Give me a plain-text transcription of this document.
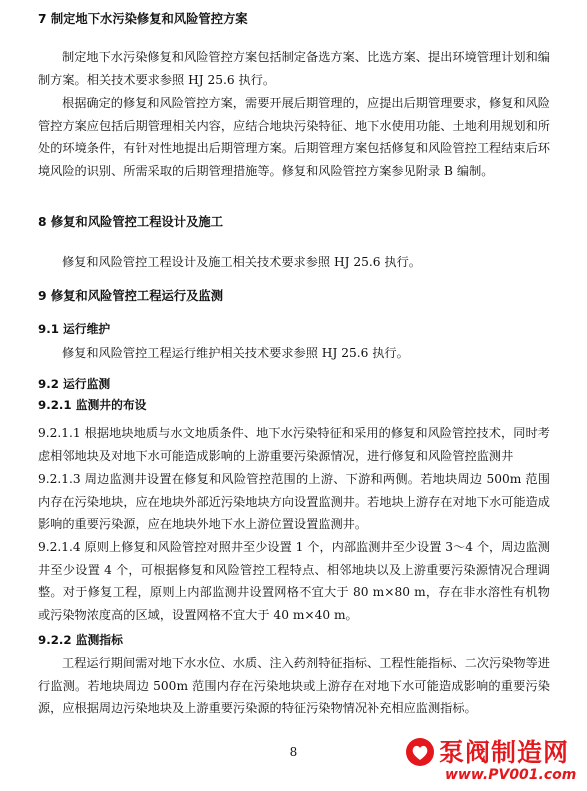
7 制定地下水污染修复和风险管控方案
制定地下水污染修复和风险管控方案包括制定备选方案、比选方案、提出环境管理计划和编制方案。相关技术要求参照 HJ 25.6 执行。
根据确定的修复和风险管控方案，需要开展后期管理的，应提出后期管理要求，修复和风险管控方案应包括后期管理相关内容，应结合地块污染特征、地下水使用功能、土地利用规划和所处的环境条件，有针对性地提出后期管理方案。后期管理方案包括修复和风险管控工程结束后环境风险的识别、所需采取的后期管理措施等。修复和风险管控方案参见附录 B 编制。
8 修复和风险管控工程设计及施工
修复和风险管控工程设计及施工相关技术要求参照 HJ 25.6 执行。
9 修复和风险管控工程运行及监测
9.1 运行维护
修复和风险管控工程运行维护相关技术要求参照 HJ 25.6 执行。
9.2 运行监测
9.2.1 监测井的布设
9.2.1.1 根据地块地质与水文地质条件、地下水污染特征和采用的修复和风险管控技术，同时考虑相邻地块及对地下水可能造成影响的上游重要污染源情况，进行修复和风险管控监测井
9.2.1.3 周边监测井设置在修复和风险管控范围的上游、下游和两侧。若地块周边 500m 范围内存在污染地块，应在地块外部近污染地块方向设置监测井。若地块上游存在对地下水可能造成影响的重要污染源，应在地块外地下水上游位置设置监测井。
9.2.1.4 原则上修复和风险管控对照井至少设置 1 个，内部监测井至少设置 3～4 个，周边监测井至少设置 4 个，可根据修复和风险管控工程特点、相邻地块以及上游重要污染源情况合理调整。对于修复工程，原则上内部监测井设置网格不宜大于 80 m×80 m，存在非水溶性有机物或污染物浓度高的区域，设置网格不宜大于 40 m×40 m。
9.2.2 监测指标
工程运行期间需对地下水水位、水质、注入药剂特征指标、工程性能指标、二次污染物等进行监测。若地块周边 500m 范围内存在污染地块或上游存在对地下水可能造成影响的重要污染源，应根据周边污染地块及上游重要污染源的特征污染物情况补充相应监测指标。
8	泵阀制造网
www.PV001.com
